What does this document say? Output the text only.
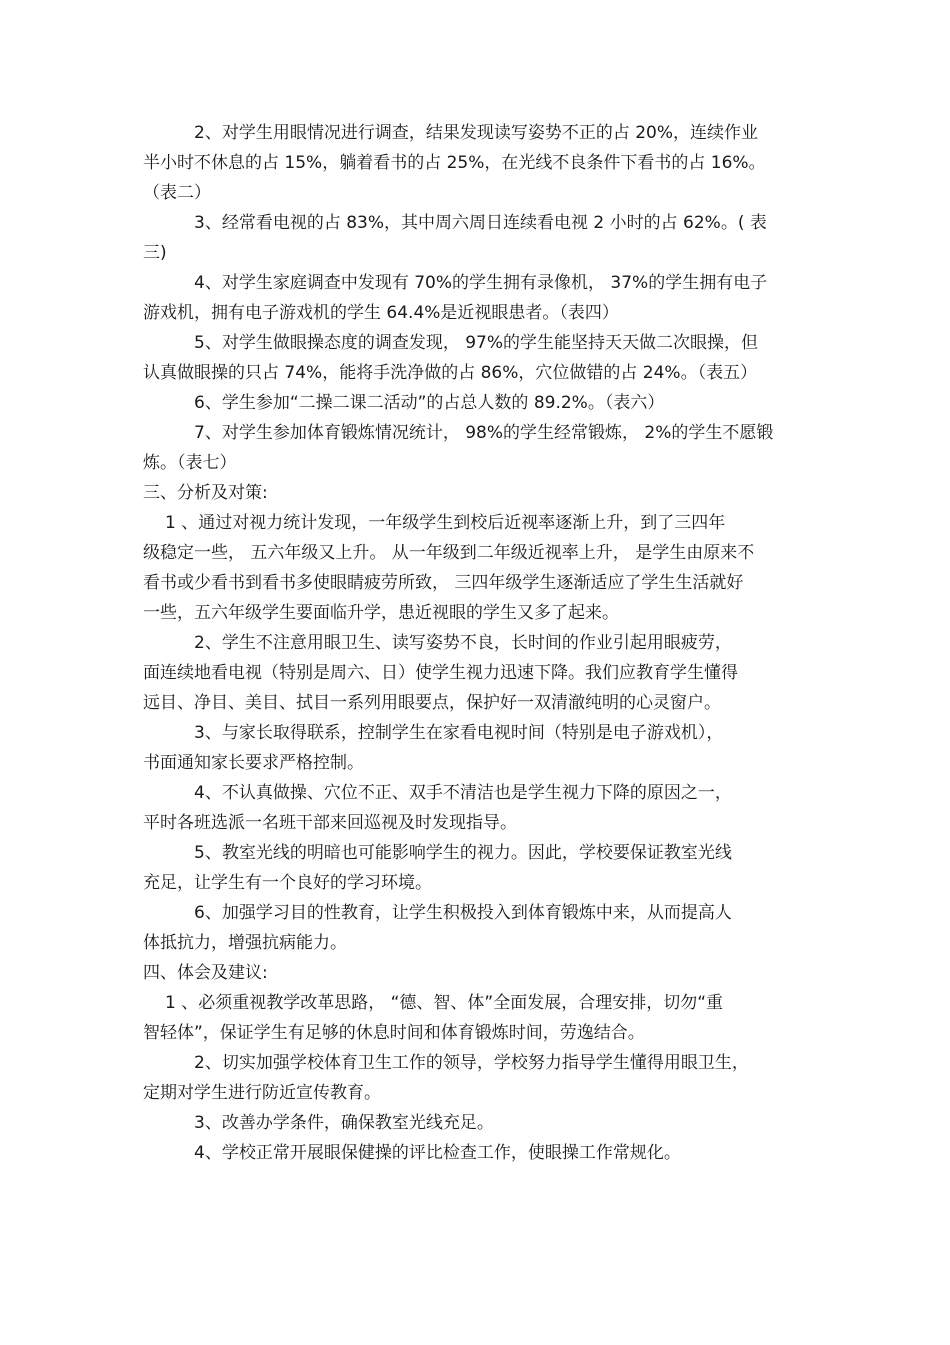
2、对学生用眼情况进行调查，结果发现读写姿势不正的占 20%，连续作业
半小时不休息的占 15%，躺着看书的占 25%，在光线不良条件下看书的占 16%。
（表二）
3、经常看电视的占 83%，其中周六周日连续看电视 2 小时的占 62%。( 表
三)
4、对学生家庭调查中发现有 70%的学生拥有录像机， 37%的学生拥有电子
游戏机，拥有电子游戏机的学生 64.4%是近视眼患者。（表四）
5、对学生做眼操态度的调查发现， 97%的学生能坚持天天做二次眼操，但
认真做眼操的只占 74%，能将手洗净做的占 86%，穴位做错的占 24%。（表五）
6、学生参加“二操二课二活动”的占总人数的 89.2%。（表六）
7、对学生参加体育锻炼情况统计， 98%的学生经常锻炼， 2%的学生不愿锻
炼。（表七）
三、分析及对策:
1 、通过对视力统计发现，一年级学生到校后近视率逐渐上升，到了三四年
级稳定一些， 五六年级又上升。 从一年级到二年级近视率上升， 是学生由原来不
看书或少看书到看书多使眼睛疲劳所致， 三四年级学生逐渐适应了学生生活就好
一些，五六年级学生要面临升学，患近视眼的学生又多了起来。
2、学生不注意用眼卫生、读写姿势不良，长时间的作业引起用眼疲劳，
面连续地看电视（特别是周六、日）使学生视力迅速下降。我们应教育学生懂得
远目、净目、美目、拭目一系列用眼要点，保护好一双清澈纯明的心灵窗户。
3、与家长取得联系，控制学生在家看电视时间（特别是电子游戏机），
书面通知家长要求严格控制。
4、不认真做操、穴位不正、双手不清洁也是学生视力下降的原因之一，
平时各班选派一名班干部来回巡视及时发现指导。
5、教室光线的明暗也可能影响学生的视力。因此，学校要保证教室光线
充足，让学生有一个良好的学习环境。
6、加强学习目的性教育，让学生积极投入到体育锻炼中来，从而提高人
体抵抗力，增强抗病能力。
四、体会及建议:
1 、必须重视教学改革思路， “德、智、体”全面发展，合理安排，切勿“重
智轻体”，保证学生有足够的休息时间和体育锻炼时间，劳逸结合。
2、切实加强学校体育卫生工作的领导，学校努力指导学生懂得用眼卫生，
定期对学生进行防近宣传教育。
3、改善办学条件，确保教室光线充足。
4、学校正常开展眼保健操的评比检查工作，使眼操工作常规化。
